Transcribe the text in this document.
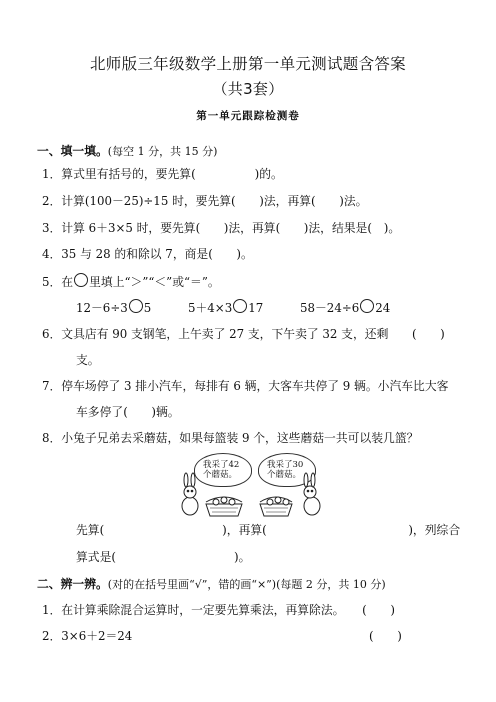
北师版三年级数学上册第一单元测试题含答案
（共3套）
第一单元跟踪检测卷
一、填一填。(每空 1 分，共 15 分)
1．算式里有括号的，要先算(　　　　　)的。
2．计算(100－25)÷15 时，要先算(　　)法，再算(　　)法。
3．计算 6＋3×5 时，要先算(　　)法，再算(　　)法，结果是(　)。
4．35 与 28 的和除以 7，商是(　　)。
5．在 里填上“＞”“＜”或“＝”。
12－6÷3 5	5＋4×3 17	58－24÷6 24
6．文具店有 90 支钢笔，上午卖了 27 支，下午卖了 32 支，还剩　　(　　)
支。
7．停车场停了 3 排小汽车，每排有 6 辆，大客车共停了 9 辆。小汽车比大客
车多停了(　　)辆。
8．小兔子兄弟去采蘑菇，如果每篮装 9 个，这些蘑菇一共可以装几篮？
我采了42个蘑菇。
我采了30个蘑菇。
先算(　　　　　　　　　　)，再算(　　　　　　　　　　　　)，列综合
算式是(　　　　　　　　　　)。
二、辨一辨。(对的在括号里画“√”，错的画“×”)(每题 2 分，共 10 分)
1．在计算乘除混合运算时，一定要先算乘法，再算除法。　　(　　)
2．3×6＋2＝24	(　　)
